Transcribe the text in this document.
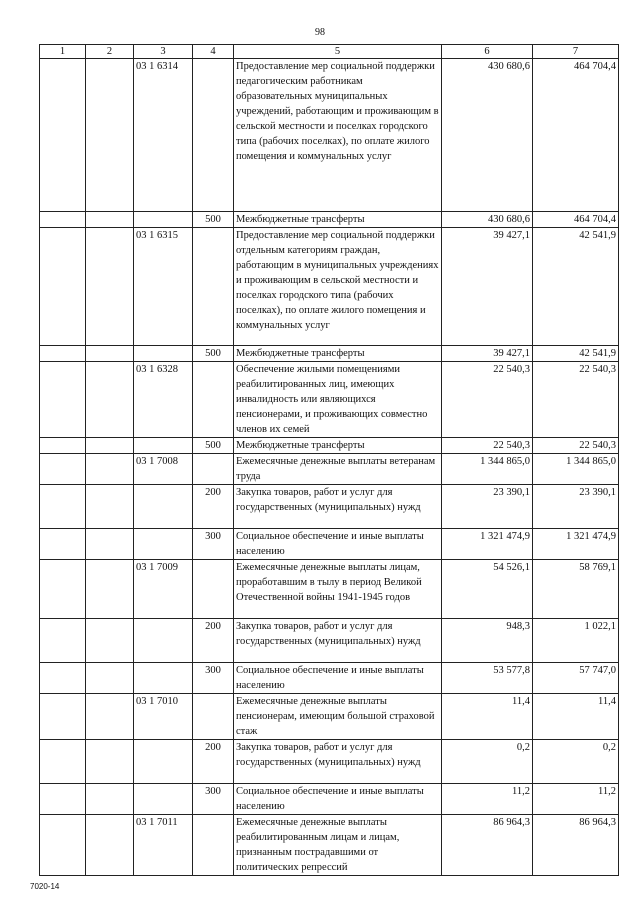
98
1	2	3	4	5	6	7
		03 1 6314		Предоставление мер социальной поддержки педагогическим работникам образовательных муниципальных учреждений, работающим и проживающим в сельской местности и поселках городского типа (рабочих поселках), по оплате жилого помещения и коммунальных услуг	430 680,6	464 704,4
			500	Межбюджетные трансферты	430 680,6	464 704,4
		03 1 6315		Предоставление мер социальной поддержки отдельным категориям граждан, работающим в муниципальных учреждениях и проживающим в сельской местности и поселках городского типа (рабочих поселках), по оплате жилого помещения и коммунальных услуг	39 427,1	42 541,9
			500	Межбюджетные трансферты	39 427,1	42 541,9
		03 1 6328		Обеспечение жилыми помещениями реабилитированных лиц, имеющих инвалидность или являющихся пенсионерами, и проживающих совместно членов их семей	22 540,3	22 540,3
			500	Межбюджетные трансферты	22 540,3	22 540,3
		03 1 7008		Ежемесячные денежные выплаты ветеранам труда	1 344 865,0	1 344 865,0
			200	Закупка товаров, работ и услуг для государственных (муниципальных) нужд	23 390,1	23 390,1
			300	Социальное обеспечение и иные выплаты населению	1 321 474,9	1 321 474,9
		03 1 7009		Ежемесячные денежные выплаты лицам, проработавшим в тылу в период Великой Отечественной войны 1941-1945 годов	54 526,1	58 769,1
			200	Закупка товаров, работ и услуг для государственных (муниципальных) нужд	948,3	1 022,1
			300	Социальное обеспечение и иные выплаты населению	53 577,8	57 747,0
		03 1 7010		Ежемесячные денежные выплаты пенсионерам, имеющим большой страховой стаж	11,4	11,4
			200	Закупка товаров, работ и услуг для государственных (муниципальных) нужд	0,2	0,2
			300	Социальное обеспечение и иные выплаты населению	11,2	11,2
		03 1 7011		Ежемесячные денежные выплаты реабилитированным лицам и лицам, признанным пострадавшими от политических репрессий	86 964,3	86 964,3
7020-14
